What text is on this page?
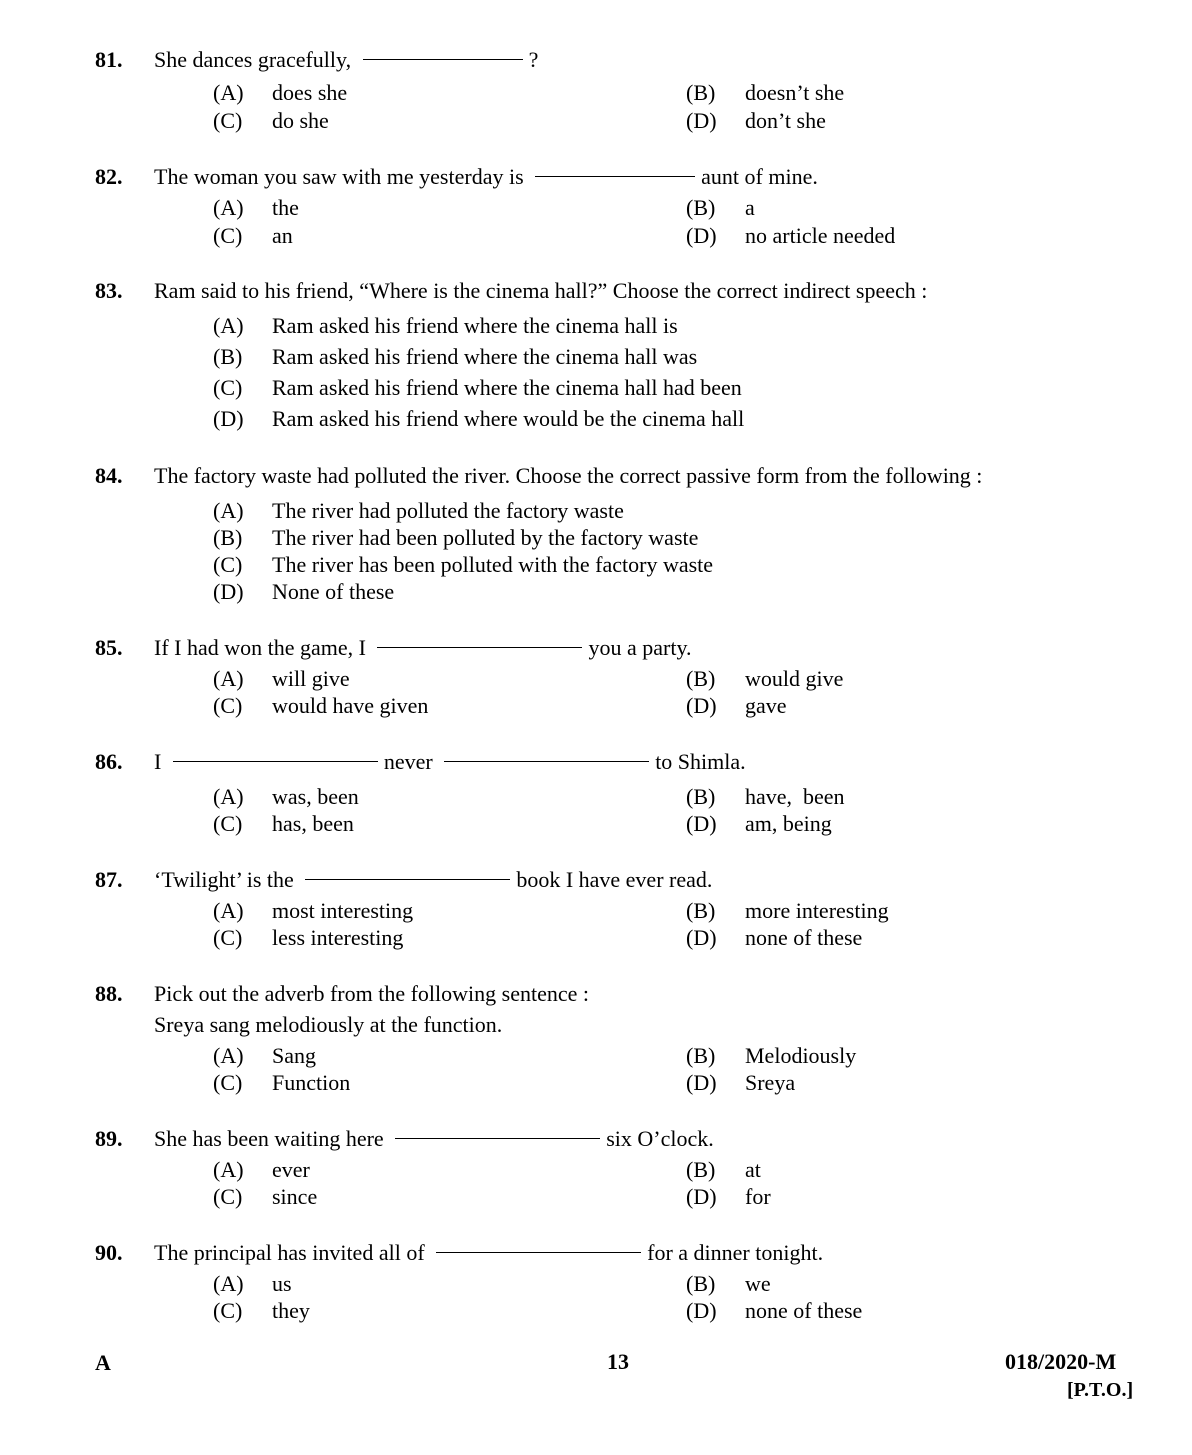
81. She dances gracefully,	?
(A) does she	(B) doesn’t she
(C) do she	(D) don’t she
82. The woman you saw with me yesterday is	aunt of mine.
(A) the	(B) a
(C) an	(D) no article needed
83. Ram said to his friend, “Where is the cinema hall?” Choose the correct indirect speech :
(A) Ram asked his friend where the cinema hall is
(B) Ram asked his friend where the cinema hall was
(C) Ram asked his friend where the cinema hall had been
(D) Ram asked his friend where would be the cinema hall
84. The factory waste had polluted the river. Choose the correct passive form from the following :
(A) The river had polluted the factory waste
(B) The river had been polluted by the factory waste
(C) The river has been polluted with the factory waste
(D) None of these
85. If I had won the game, I	you a party.
(A) will give	(B) would give
(C) would have given	(D) gave
86. I	never	to Shimla.
(A) was, been	(B) have,  been
(C) has, been	(D) am, being
87. ‘Twilight’ is the	book I have ever read.
(A) most interesting	(B) more interesting
(C) less interesting	(D) none of these
88. Pick out the adverb from the following sentence :
Sreya sang melodiously at the function.
(A) Sang	(B) Melodiously
(C) Function	(D) Sreya
89. She has been waiting here	six O’clock.
(A) ever	(B) at
(C) since	(D) for
90. The principal has invited all of	for a dinner tonight.
(A) us	(B) we
(C) they	(D) none of these
A	13	018/2020-M
[P.T.O.]
